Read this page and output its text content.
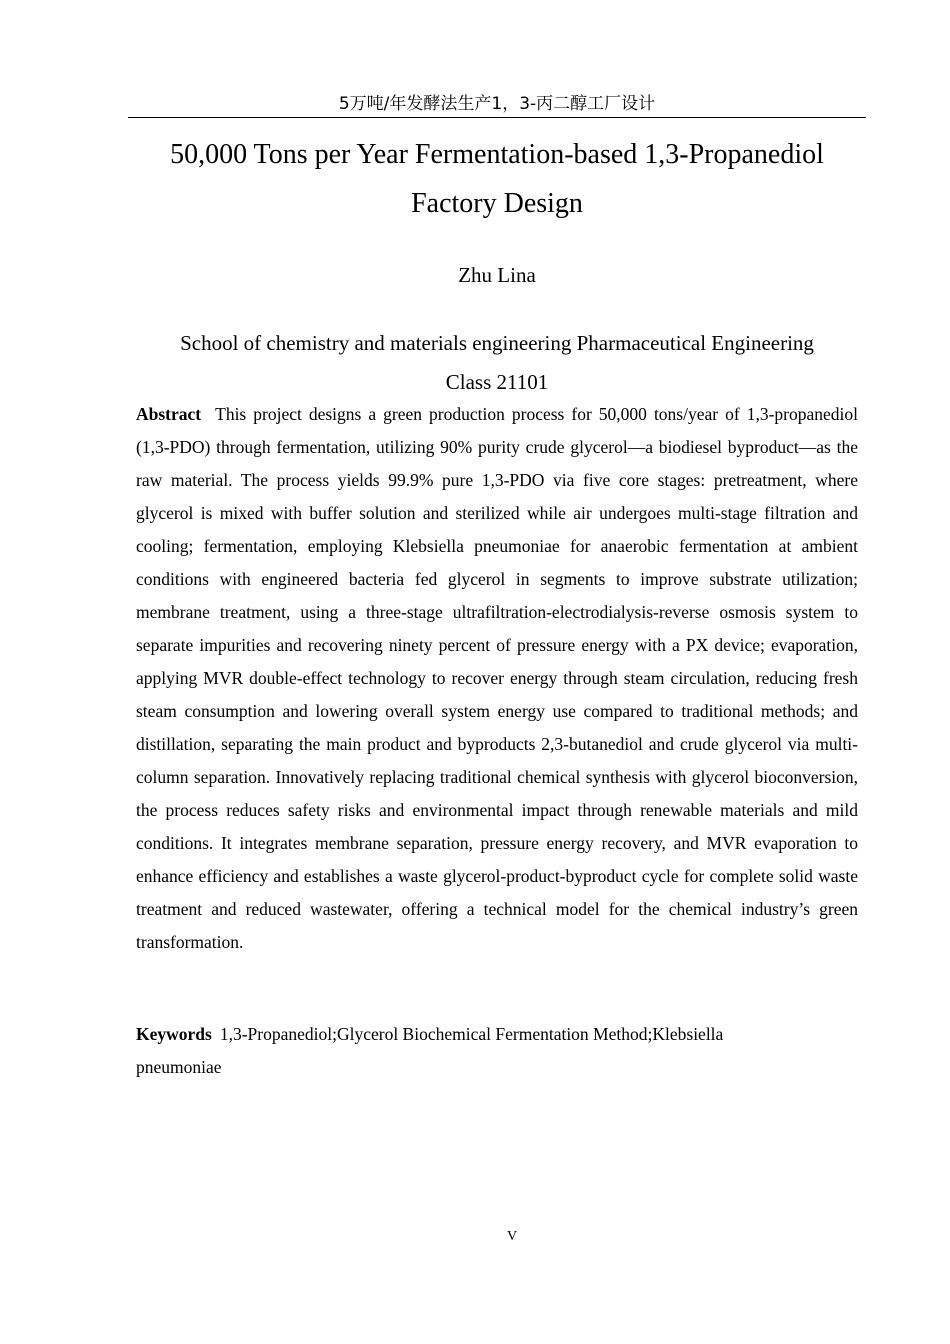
5万吨/年发酵法生产1，3-丙二醇工厂设计
50,000 Tons per Year Fermentation-based 1,3-Propanediol
Factory Design
Zhu Lina
School of chemistry and materials engineering Pharmaceutical Engineering
Class 21101

Abstract This project designs a green production process for 50,000 tons/year of 1,3-propanediol (1,3-PDO) through fermentation, utilizing 90% purity crude glycerol—a biodiesel byproduct—as the raw material. The process yields 99.9% pure 1,3-PDO via five core stages: pretreatment, where glycerol is mixed with buffer solution and sterilized while air undergoes multi-stage filtration and cooling; fermentation, employing Klebsiella pneumoniae for anaerobic fermentation at ambient conditions with engineered bacteria fed glycerol in segments to improve substrate utilization; membrane treatment, using a three-stage ultrafiltration-electrodialysis-reverse osmosis system to separate impurities and recovering ninety percent of pressure energy with a PX device; evaporation, applying MVR double-effect technology to recover energy through steam circulation, reducing fresh steam consumption and lowering overall system energy use compared to traditional methods; and distillation, separating the main product and byproducts 2,3-butanediol and crude glycerol via multi-column separation. Innovatively replacing traditional chemical synthesis with glycerol bioconversion, the process reduces safety risks and environmental impact through renewable materials and mild conditions. It integrates membrane separation, pressure energy recovery, and MVR evaporation to enhance efficiency and establishes a waste glycerol-product-byproduct cycle for complete solid waste treatment and reduced wastewater, offering a technical model for the chemical industry’s green transformation.

Keywords 1,3-Propanediol;Glycerol Biochemical Fermentation Method;Klebsiella pneumoniae

V
